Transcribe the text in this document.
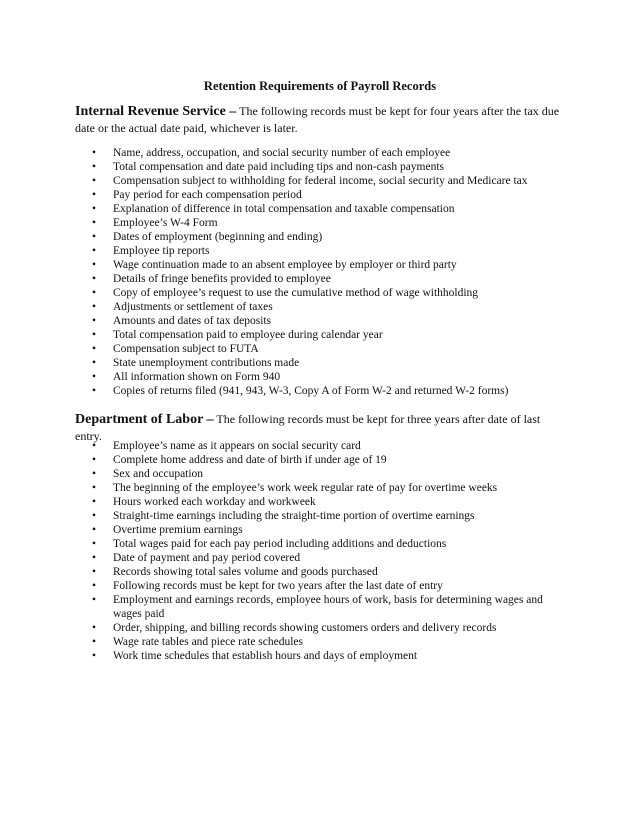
Retention Requirements of Payroll Records
Internal Revenue Service – The following records must be kept for four years after the tax due date or the actual date paid, whichever is later.
•	Name, address, occupation, and social security number of each employee
•	Total compensation and date paid including tips and non-cash payments
•	Compensation subject to withholding for federal income, social security and Medicare tax
•	Pay period for each compensation period
•	Explanation of difference in total compensation and taxable compensation
•	Employee’s W-4 Form
•	Dates of employment (beginning and ending)
•	Employee tip reports
•	Wage continuation made to an absent employee by employer or third party
•	Details of fringe benefits provided to employee
•	Copy of employee’s request to use the cumulative method of wage withholding
•	Adjustments or settlement of taxes
•	Amounts and dates of tax deposits
•	Total compensation paid to employee during calendar year
•	Compensation subject to FUTA
•	State unemployment contributions made
•	All information shown on Form 940
•	Copies of returns filed (941, 943, W-3, Copy A of Form W-2 and returned W-2 forms)
Department of Labor – The following records must be kept for three years after date of last entry.
•	Employee’s name as it appears on social security card
•	Complete home address and date of birth if under age of 19
•	Sex and occupation
•	The beginning of the employee’s work week regular rate of pay for overtime weeks
•	Hours worked each workday and workweek
•	Straight-time earnings including the straight-time portion of overtime earnings
•	Overtime premium earnings
•	Total wages paid for each pay period including additions and deductions
•	Date of payment and pay period covered
•	Records showing total sales volume and goods purchased
•	Following records must be kept for two years after the last date of entry
•	Employment and earnings records, employee hours of work, basis for determining wages and wages paid
•	Order, shipping, and billing records showing customers orders and delivery records
•	Wage rate tables and piece rate schedules
•	Work time schedules that establish hours and days of employment
